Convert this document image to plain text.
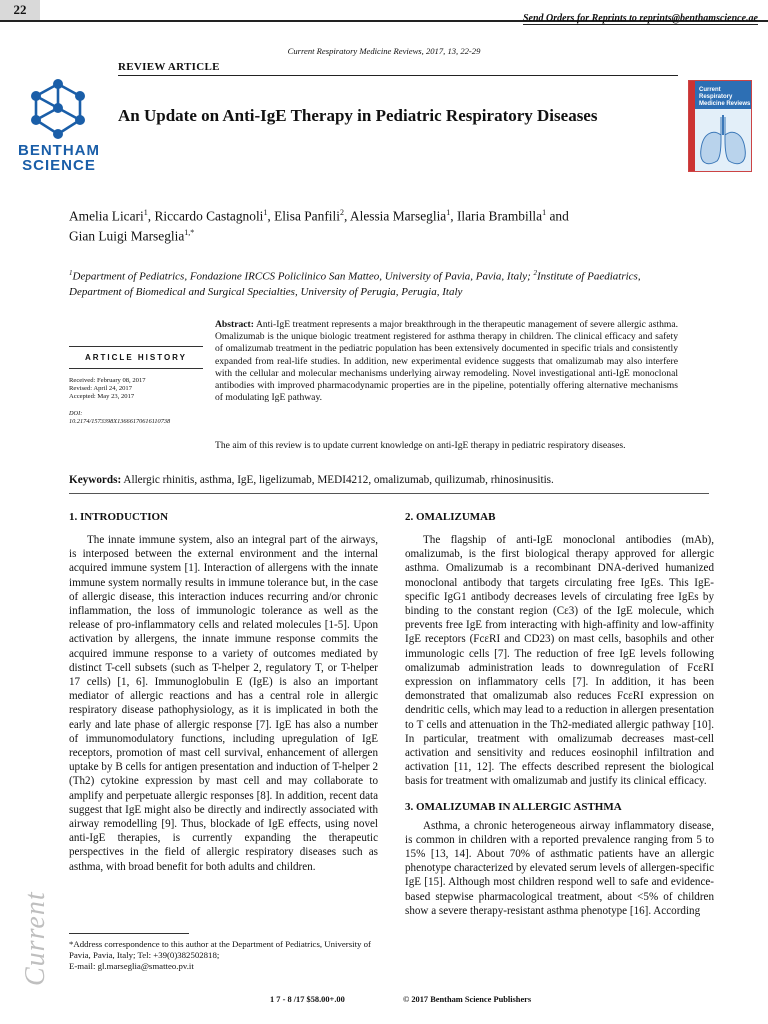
22
Send Orders for Reprints to reprints@benthamscience.ae
Current Respiratory Medicine Reviews, 2017, 13, 22-29
REVIEW ARTICLE
An Update on Anti-IgE Therapy in Pediatric Respiratory Diseases
BENTHAM
SCIENCE
Current Respiratory Medicine Reviews
Amelia Licari$^1$, Riccardo Castagnoli$^1$, Elisa Panfili$^2$, Alessia Marseglia$^1$, Ilaria Brambilla$^1$ and
Gian Luigi Marseglia$^{1,*}$
$^1$Department of Pediatrics, Fondazione IRCCS Policlinico San Matteo, University of Pavia, Pavia, Italy; $^2$Institute of Paediatrics, Department of Biomedical and Surgical Specialties, University of Perugia, Perugia, Italy
ARTICLE HISTORY
Received: February 08, 2017
Revised: April 24, 2017
Accepted: May 23, 2017
DOI:
10.2174/1573398X13666170616110738
Abstract: Anti-IgE treatment represents a major breakthrough in the therapeutic management of severe allergic asthma. Omalizumab is the unique biologic treatment registered for asthma therapy in children. The clinical efficacy and safety of omalizumab treatment in the pediatric population has been extensively documented in specific trials and consistently expanded from real-life studies. In addition, new experimental evidence suggests that omalizumab may also interfere with the cellular and molecular mechanisms underlying airway remodeling. Novel investigational anti-IgE monoclonal antibodies with improved pharmacodynamic properties are in the pipeline, potentially offering alternative mechanisms of modulating IgE pathway.
The aim of this review is to update current knowledge on anti-IgE therapy in pediatric respiratory diseases.
Keywords: Allergic rhinitis, asthma, IgE, ligelizumab, MEDI4212, omalizumab, quilizumab, rhinosinusitis.
1. INTRODUCTION
The innate immune system, also an integral part of the airways, is interposed between the external environment and the internal acquired immune system [1]. Interaction of allergens with the innate immune system normally results in immune tolerance but, in the case of allergic disease, this interaction induces recurring and/or chronic inflammation, the loss of immunologic tolerance as well as the release of pro-inflammatory cells and related molecules [1-5]. Upon activation by allergens, the innate immune response commits the acquired immune response to a variety of outcomes mediated by distinct T-cell subsets (such as T-helper 2, regulatory T, or T-helper 17 cells) [1, 6]. Immunoglobulin E (IgE) is also an important mediator of allergic reactions and has a central role in allergic respiratory disease pathophysiology, as it is implicated in both the early and late phase of allergic response [7]. IgE has also a number of immunomodulatory functions, including upregulation of IgE receptors, promotion of mast cell survival, enhancement of allergen uptake by B cells for antigen presentation and induction of T-helper 2 (Th2) cytokine expression by mast cell and may collaborate to amplify and perpetuate allergic responses [8]. In addition, recent data suggest that IgE might also be directly and indirectly associated with airway remodelling [9]. Thus, blockade of IgE effects, using novel anti-IgE therapies, is currently expanding the therapeutic perspectives in the field of allergic respiratory diseases such as asthma, with broad benefit for both adults and children.
2. OMALIZUMAB
The flagship of anti-IgE monoclonal antibodies (mAb), omalizumab, is the first biological therapy approved for allergic asthma. Omalizumab is a recombinant DNA-derived humanized monoclonal antibody that targets circulating free IgEs. This IgE-specific IgG1 antibody decreases levels of circulating free IgEs by binding to the constant region (Cε3) of the IgE molecule, which prevents free IgE from interacting with high-affinity and low-affinity IgE receptors (FcεRI and CD23) on mast cells, basophils and other immunologic cells [7]. The reduction of free IgE levels following omalizumab administration leads to downregulation of FcεRI expression on inflammatory cells [7]. In addition, it has been demonstrated that omalizumab also reduces FcεRI expression on dendritic cells, which may lead to a reduction in allergen presentation to T cells and attenuation in the Th2-mediated allergic pathway [10]. In particular, treatment with omalizumab decreases mast-cell activation and sensitivity and reduces eosinophil infiltration and activation [11, 12]. The effects described represent the biological basis for treatment with omalizumab and justify its clinical efficacy.
3. OMALIZUMAB IN ALLERGIC ASTHMA
Asthma, a chronic heterogeneous airway inflammatory disease, is common in children with a reported prevalence ranging from 5 to 15% [13, 14]. About 70% of asthmatic patients have an allergic phenotype characterized by elevated serum levels of allergen-specific IgE [15]. Although most children respond well to safe and evidence-based stepwise pharmacological treatment, about <5% of children show a severe therapy-resistant asthma phenotype [16]. According
*Address correspondence to this author at the Department of Pediatrics, University of Pavia, Pavia, Italy; Tel: +39(0)382502818;
E-mail: gl.marseglia@smatteo.pv.it
1 7 - 8 /17 $58.00+.00	© 2017 Bentham Science Publishers
Current
